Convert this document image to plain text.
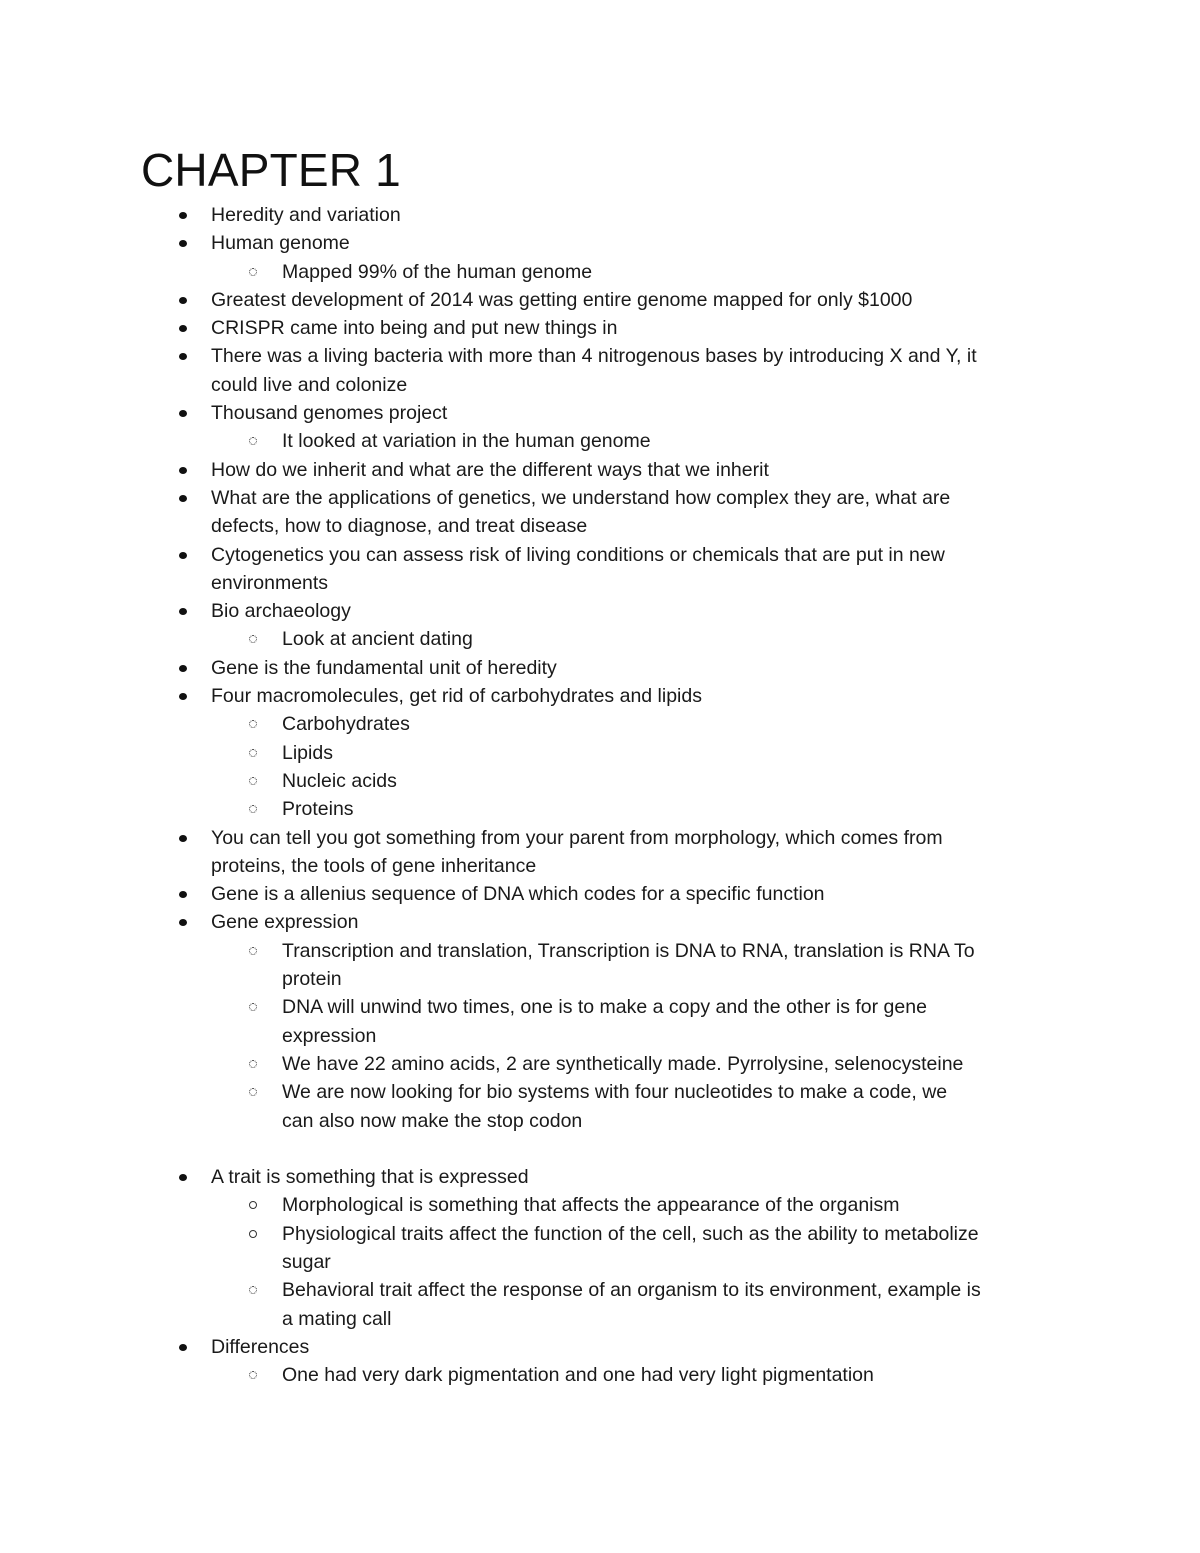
CHAPTER 1
Heredity and variation
Human genome
Mapped 99% of the human genome
Greatest development of 2014 was getting entire genome mapped for only $1000
CRISPR came into being and put new things in
There was a living bacteria with more than 4 nitrogenous bases by introducing X and Y, it
could live and colonize
Thousand genomes project
It looked at variation in the human genome
How do we inherit and what are the different ways that we inherit
What are the applications of genetics, we understand how complex they are, what are
defects, how to diagnose, and treat disease
Cytogenetics you can assess risk of living conditions or chemicals that are put in new
environments
Bio archaeology
Look at ancient dating
Gene is the fundamental unit of heredity
Four macromolecules, get rid of carbohydrates and lipids
Carbohydrates
Lipids
Nucleic acids
Proteins
You can tell you got something from your parent from morphology, which comes from
proteins, the tools of gene inheritance
Gene is a allenius sequence of DNA which codes for a specific function
Gene expression
Transcription and translation, Transcription is DNA to RNA, translation is RNA To
protein
DNA will unwind two times, one is to make a copy and the other is for gene
expression
We have 22 amino acids, 2 are synthetically made. Pyrrolysine, selenocysteine
We are now looking for bio systems with four nucleotides to make a code, we
can also now make the stop codon
A trait is something that is expressed
Morphological is something that affects the appearance of the organism
Physiological traits affect the function of the cell, such as the ability to metabolize
sugar
Behavioral trait affect the response of an organism to its environment, example is
a mating call
Differences
One had very dark pigmentation and one had very light pigmentation
